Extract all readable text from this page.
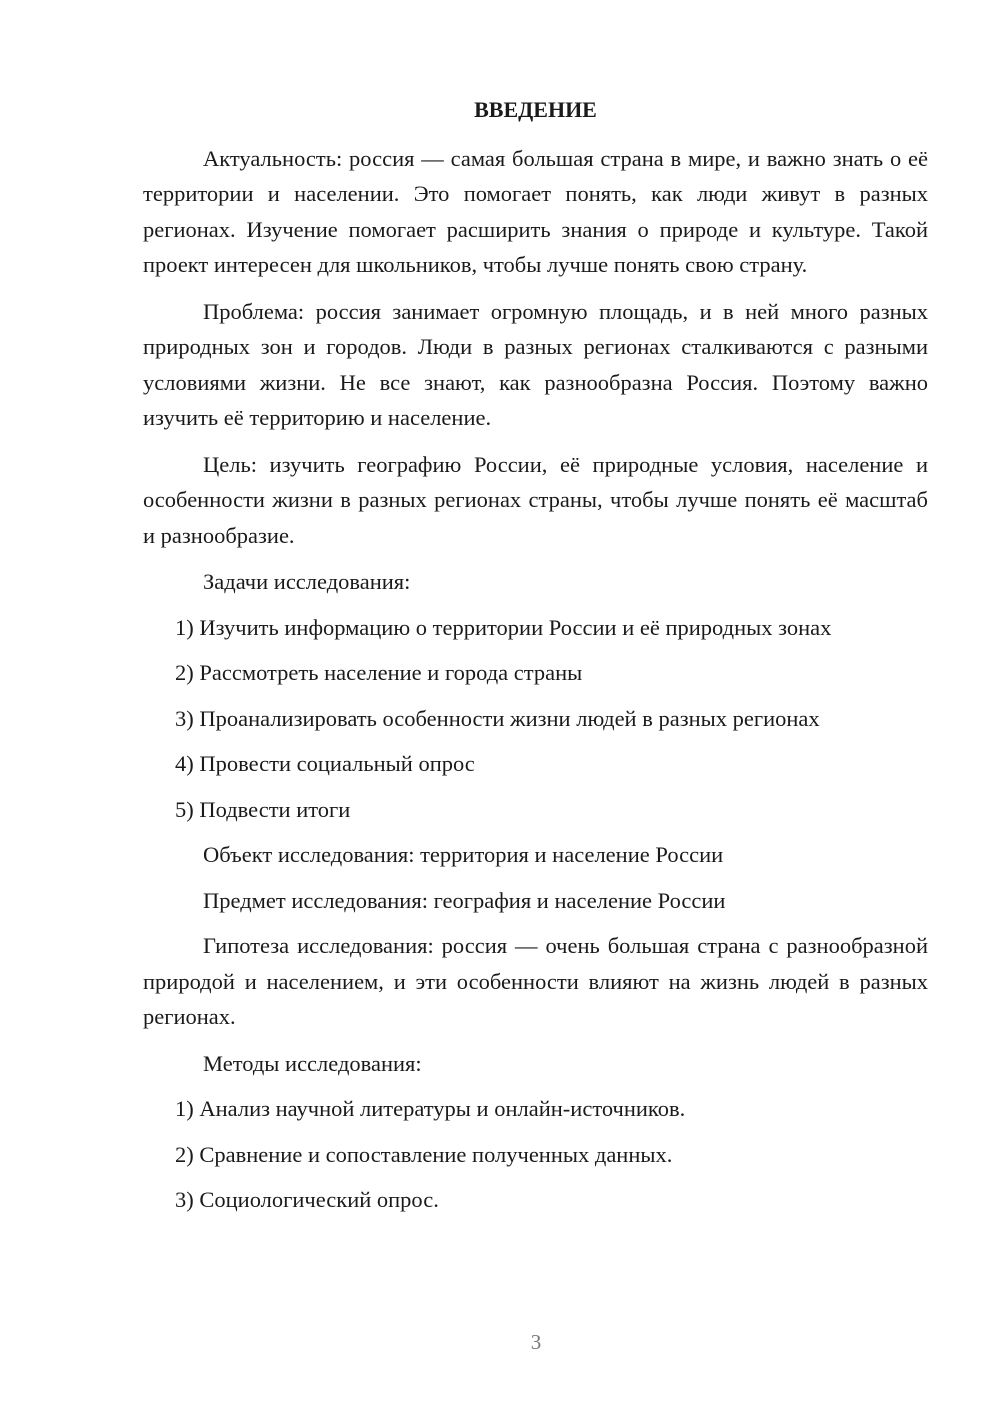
ВВЕДЕНИЕ

Актуальность: россия — самая большая страна в мире, и важно знать о её территории и населении. Это помогает понять, как люди живут в разных регионах. Изучение помогает расширить знания о природе и культуре. Такой проект интересен для школьников, чтобы лучше понять свою страну.

Проблема: россия занимает огромную площадь, и в ней много разных природных зон и городов. Люди в разных регионах сталкиваются с разными условиями жизни. Не все знают, как разнообразна Россия. Поэтому важно изучить её территорию и население.

Цель: изучить географию России, её природные условия, население и особенности жизни в разных регионах страны, чтобы лучше понять её масштаб и разнообразие.

Задачи исследования:
1) Изучить информацию о территории России и её природных зонах
2) Рассмотреть население и города страны
3) Проанализировать особенности жизни людей в разных регионах
4) Провести социальный опрос
5) Подвести итоги
Объект исследования: территория и население России
Предмет исследования: география и население России

Гипотеза исследования: россия — очень большая страна с разнообразной природой и населением, и эти особенности влияют на жизнь людей в разных регионах.

Методы исследования:
1) Анализ научной литературы и онлайн-источников.
2) Сравнение и сопоставление полученных данных.
3) Социологический опрос.
3
